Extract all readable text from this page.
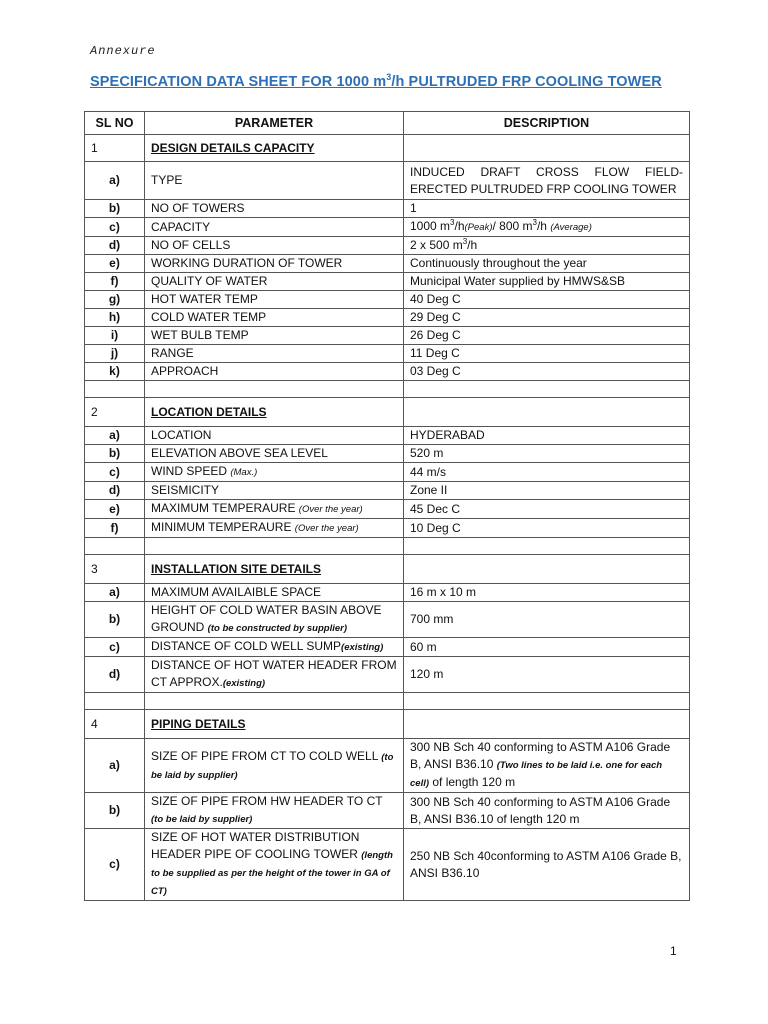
Annexure
SPECIFICATION DATA SHEET FOR 1000 $m^3/h$ PULTRUDED FRP COOLING TOWER
SL NO	PARAMETER	DESCRIPTION
1	DESIGN DETAILS CAPACITY	
a)	TYPE	INDUCED DRAFT CROSS FLOW FIELD-ERECTED PULTRUDED FRP COOLING TOWER
b)	NO OF TOWERS	1
c)	CAPACITY	1000 $m^3/h(Peak)/$ 800 $m^3/h$ (Average)
d)	NO OF CELLS	2 x 500 $m^3/h$
e)	WORKING DURATION OF TOWER	Continuously throughout the year
f)	QUALITY OF WATER	Municipal Water supplied by HMWS&SB
g)	HOT WATER TEMP	40 Deg C
h)	COLD WATER TEMP	29 Deg C
i)	WET BULB TEMP	26 Deg C
j)	RANGE	11 Deg C
k)	APPROACH	03 Deg C

2	LOCATION DETAILS	
a)	LOCATION	HYDERABAD
b)	ELEVATION ABOVE SEA LEVEL	520 m
c)	WIND SPEED (Max.)	44 m/s
d)	SEISMICITY	Zone II
e)	MAXIMUM TEMPERAURE (Over the year)	45 Dec C
f)	MINIMUM TEMPERAURE (Over the year)	10 Deg C

3	INSTALLATION SITE DETAILS	
a)	MAXIMUM AVAILAIBLE SPACE	16 m x 10 m
b)	HEIGHT OF COLD WATER BASIN ABOVE GROUND (to be constructed by supplier)	700 mm
c)	DISTANCE OF COLD WELL SUMP(existing)	60 m
d)	DISTANCE OF HOT WATER HEADER FROM CT APPROX.(existing)	120 m

4	PIPING DETAILS	
a)	SIZE OF PIPE FROM CT TO COLD WELL (to be laid by supplier)	300 NB Sch 40 conforming to ASTM A106 Grade B, ANSI B36.10 (Two lines to be laid i.e. one for each cell) of length 120 m
b)	SIZE OF PIPE FROM HW HEADER TO CT (to be laid by supplier)	300 NB Sch 40 conforming to ASTM A106 Grade B, ANSI B36.10 of length 120 m
c)	SIZE OF HOT WATER DISTRIBUTION HEADER PIPE OF COOLING TOWER (length to be supplied as per the height of the tower in GA of CT)	250 NB Sch 40conforming to ASTM A106 Grade B, ANSI B36.10
1
